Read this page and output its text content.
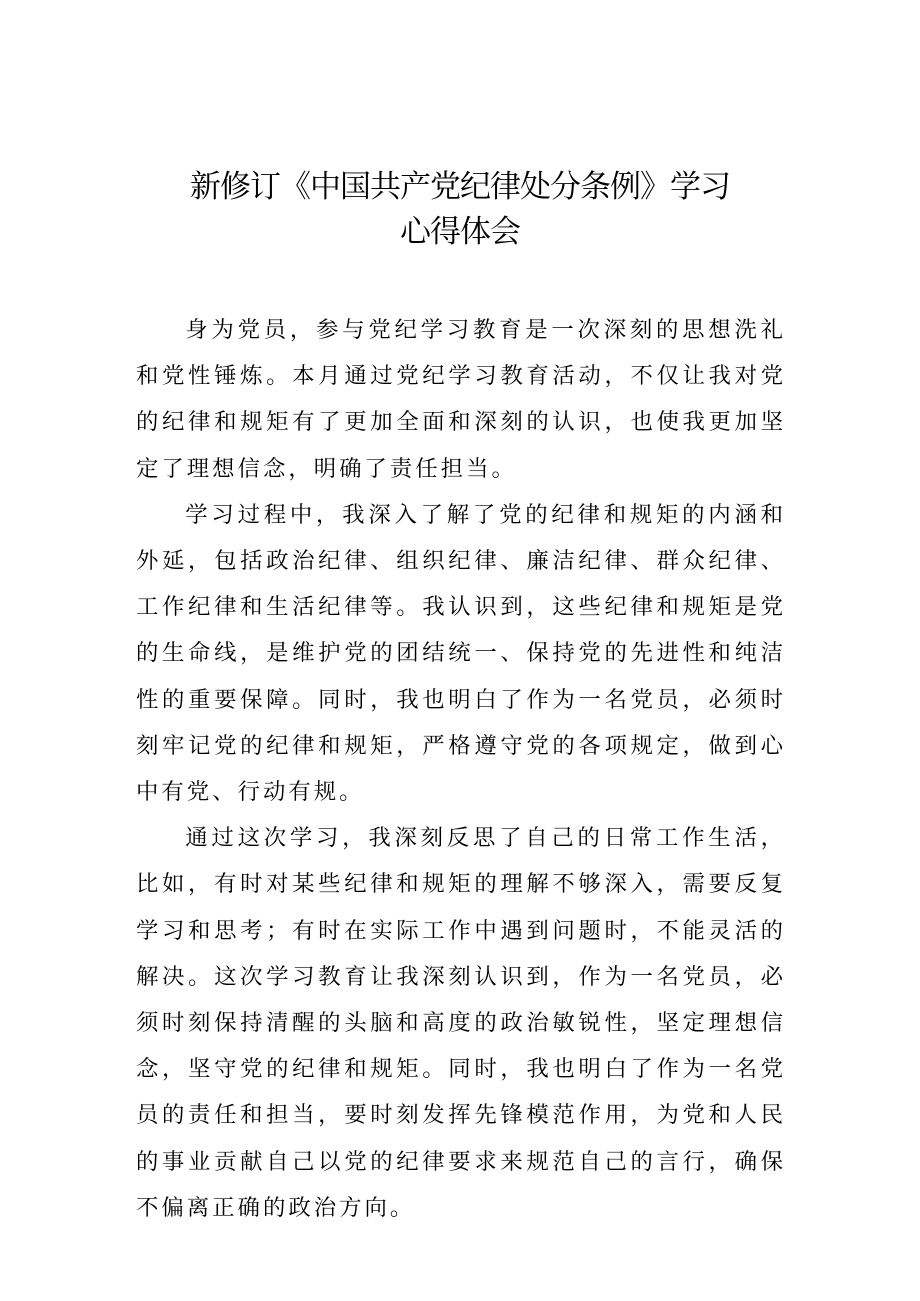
新修订《中国共产党纪律处分条例》学习
心得体会

身为党员，参与党纪学习教育是一次深刻的思想洗礼和党性锤炼。本月通过党纪学习教育活动，不仅让我对党的纪律和规矩有了更加全面和深刻的认识，也使我更加坚定了理想信念，明确了责任担当。

学习过程中，我深入了解了党的纪律和规矩的内涵和外延，包括政治纪律、组织纪律、廉洁纪律、群众纪律、工作纪律和生活纪律等。我认识到，这些纪律和规矩是党的生命线，是维护党的团结统一、保持党的先进性和纯洁性的重要保障。同时，我也明白了作为一名党员，必须时刻牢记党的纪律和规矩，严格遵守党的各项规定，做到心中有党、行动有规。

通过这次学习，我深刻反思了自己的日常工作生活，比如，有时对某些纪律和规矩的理解不够深入，需要反复学习和思考；有时在实际工作中遇到问题时，不能灵活的解决。这次学习教育让我深刻认识到，作为一名党员，必须时刻保持清醒的头脑和高度的政治敏锐性，坚定理想信念，坚守党的纪律和规矩。同时，我也明白了作为一名党员的责任和担当，要时刻发挥先锋模范作用，为党和人民的事业贡献自己以党的纪律要求来规范自己的言行，确保不偏离正确的政治方向。
